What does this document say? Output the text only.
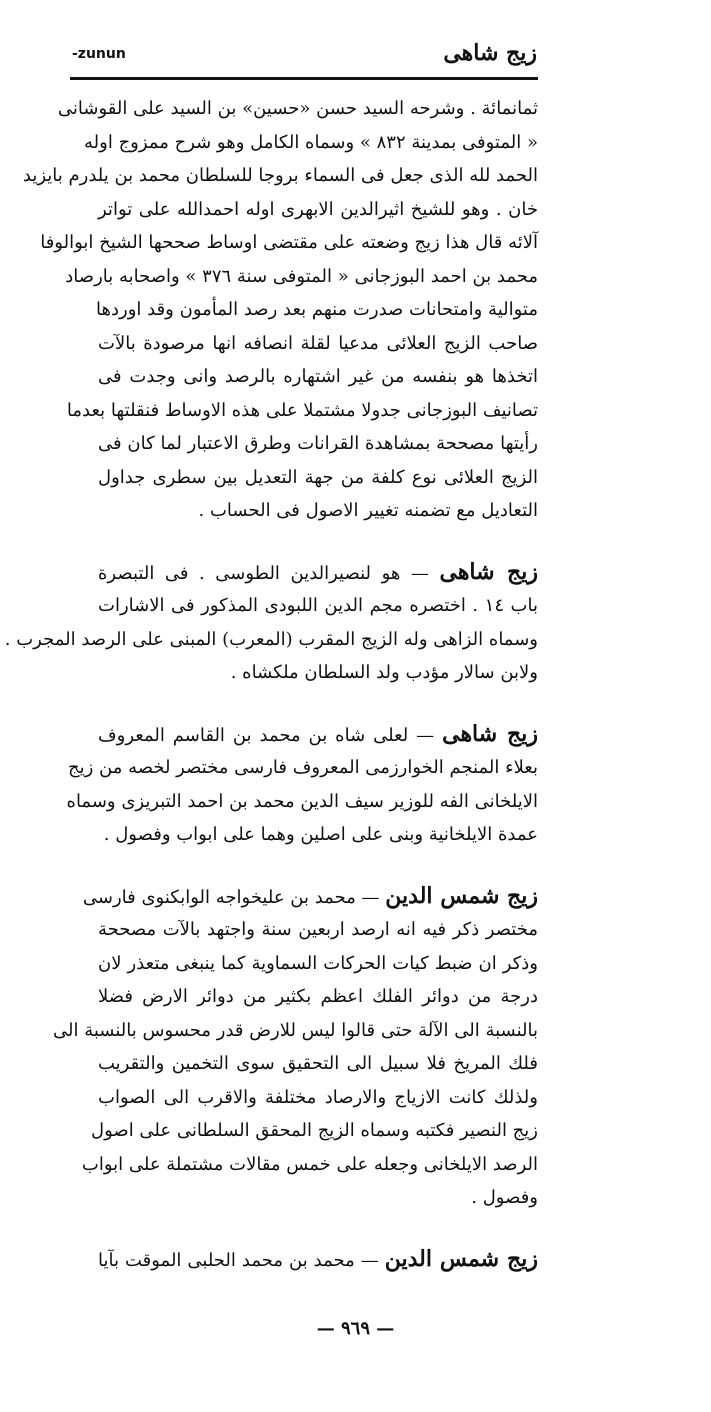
-zunun	زيج شاهى
ثمانمائة . وشرحه السيد حسن «حسين» بن السيد على القوشانى
« المتوفى بمدينة ٨٣٢ » وسماه الكامل وهو شرح ممزوج اوله
الحمد لله الذى جعل فى السماء بروجا للسلطان محمد بن يلدرم بايزيد
خان . وهو للشيخ اثيرالدين الابهرى اوله احمدالله على تواتر
آلائه قال هذا زيج وضعته على مقتضى اوساط صححها الشيخ ابوالوفا
محمد بن احمد البوزجانى « المتوفى سنة ٣٧٦ » واصحابه بارصاد
متوالية وامتحانات صدرت منهم بعد رصد المأمون وقد اوردها
صاحب الزيج العلائى مدعيا لقلة انصافه انها مرصودة بالآت
اتخذها هو بنفسه من غير اشتهاره بالرصد وانى وجدت فى
تصانيف البوزجانى جدولا مشتملا على هذه الاوساط فنقلتها بعدما
رأيتها مصححة بمشاهدة القرانات وطرق الاعتبار لما كان فى
الزيج العلائى نوع كلفة من جهة التعديل بين سطرى جداول
التعاديل مع تضمنه تغيير الاصول فى الحساب .
زيج شاهى — هو لنصيرالدين الطوسى . فى التبصرة
باب ١٤ . اختصره مجم الدين اللبودى المذكور فى الاشارات
وسماه الزاهى وله الزيج المقرب (المعرب) المبنى على الرصد المجرب .
ولابن سالار مؤدب ولد السلطان ملكشاه .
زيج شاهى — لعلى شاه بن محمد بن القاسم المعروف
بعلاء المنجم الخوارزمى المعروف فارسى مختصر لخصه من زيج
الايلخانى الفه للوزير سيف الدين محمد بن احمد التبريزى وسماه
عمدة الايلخانية وبنى على اصلين وهما على ابواب وفصول .
زيج شمس الدين — محمد بن عليخواجه الوابكنوى فارسى
مختصر ذكر فيه انه ارصد اربعين سنة واجتهد بالآت مصححة
وذكر ان ضبط كيات الحركات السماوية كما ينبغى متعذر لان
درجة من دوائر الفلك اعظم بكثير من دوائر الارض فضلا
بالنسبة الى الآلة حتى قالوا ليس للارض قدر محسوس بالنسبة الى
فلك المريخ فلا سبيل الى التحقيق سوى التخمين والتقريب
ولذلك كانت الازياج والارصاد مختلفة والاقرب الى الصواب
زيج النصير فكتبه وسماه الزيج المحقق السلطانى على اصول
الرصد الايلخانى وجعله على خمس مقالات مشتملة على ابواب
وفصول .
زيج شمس الدين — محمد بن محمد الحلبى الموقت بآيا
— ٩٦٩ —
